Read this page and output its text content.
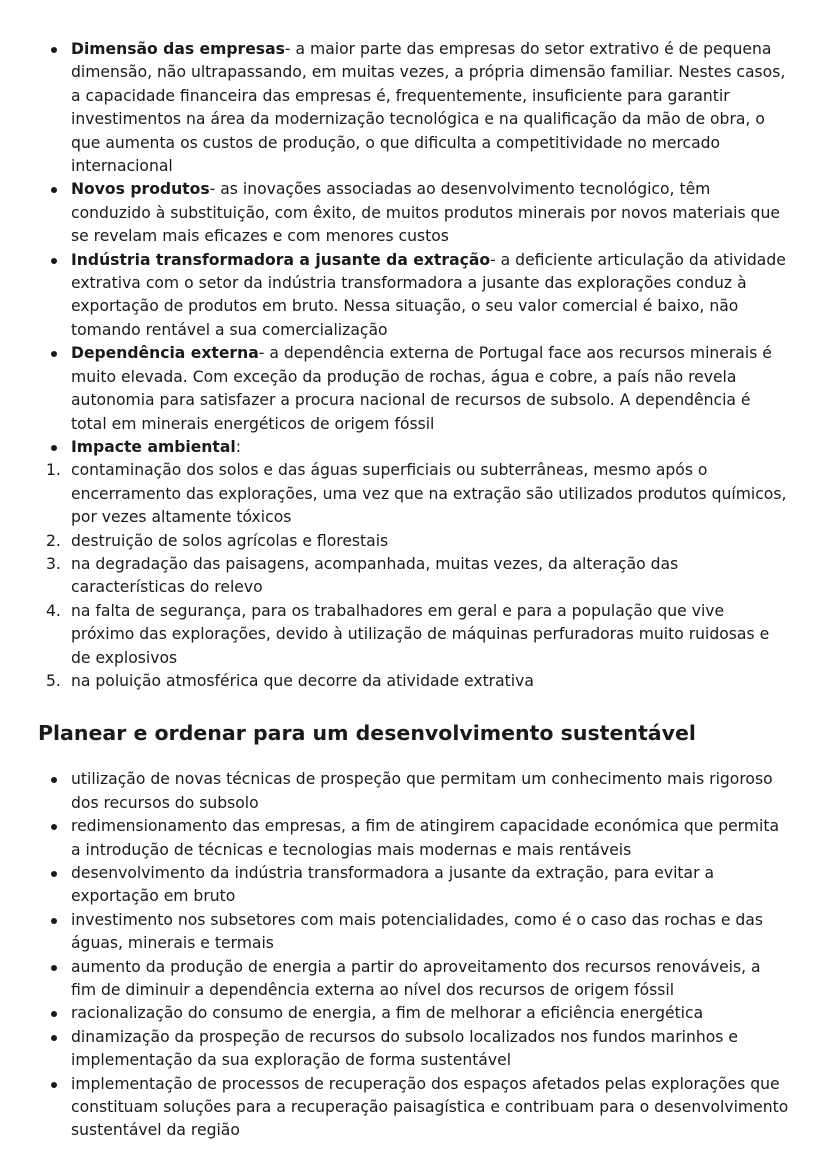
Dimensão das empresas- a maior parte das empresas do setor extrativo é de pequena dimensão, não ultrapassando, em muitas vezes, a própria dimensão familiar. Nestes casos, a capacidade financeira das empresas é, frequentemente, insuficiente para garantir investimentos na área da modernização tecnológica e na qualificação da mão de obra, o que aumenta os custos de produção, o que dificulta a competitividade no mercado internacional
Novos produtos- as inovações associadas ao desenvolvimento tecnológico, têm conduzido à substituição, com êxito, de muitos produtos minerais por novos materiais que se revelam mais eficazes e com menores custos
Indústria transformadora a jusante da extração- a deficiente articulação da atividade extrativa com o setor da indústria transformadora a jusante das explorações conduz à exportação de produtos em bruto. Nessa situação, o seu valor comercial é baixo, não tomando rentável a sua comercialização
Dependência externa- a dependência externa de Portugal face aos recursos minerais é muito elevada. Com exceção da produção de rochas, água e cobre, a país não revela autonomia para satisfazer a procura nacional de recursos de subsolo. A dependência é total em minerais energéticos de origem fóssil
Impacte ambiental:
1. contaminação dos solos e das águas superficiais ou subterrâneas, mesmo após o encerramento das explorações, uma vez que na extração são utilizados produtos químicos, por vezes altamente tóxicos
2. destruição de solos agrícolas e florestais
3. na degradação das paisagens, acompanhada, muitas vezes, da alteração das características do relevo
4. na falta de segurança, para os trabalhadores em geral e para a população que vive próximo das explorações, devido à utilização de máquinas perfuradoras muito ruidosas e de explosivos
5. na poluição atmosférica que decorre da atividade extrativa
Planear e ordenar para um desenvolvimento sustentável
utilização de novas técnicas de prospeção que permitam um conhecimento mais rigoroso dos recursos do subsolo
redimensionamento das empresas, a fim de atingirem capacidade económica que permita a introdução de técnicas e tecnologias mais modernas e mais rentáveis
desenvolvimento da indústria transformadora a jusante da extração, para evitar a exportação em bruto
investimento nos subsetores com mais potencialidades, como é o caso das rochas e das águas, minerais e termais
aumento da produção de energia a partir do aproveitamento dos recursos renováveis, a fim de diminuir a dependência externa ao nível dos recursos de origem fóssil
racionalização do consumo de energia, a fim de melhorar a eficiência energética
dinamização da prospeção de recursos do subsolo localizados nos fundos marinhos e implementação da sua exploração de forma sustentável
implementação de processos de recuperação dos espaços afetados pelas explorações que constituam soluções para a recuperação paisagística e contribuam para o desenvolvimento sustentável da região
